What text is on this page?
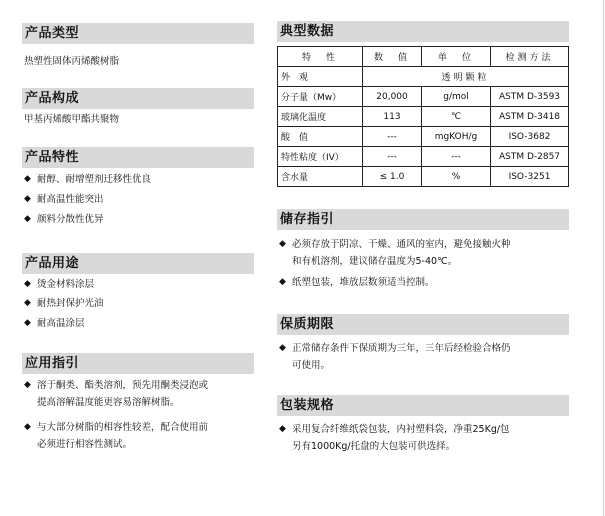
产品类型
热塑性固体丙烯酸树脂
产品构成
甲基丙烯酸甲酯共聚物
产品特性
◆ 耐醇、耐增塑剂迁移性优良
◆ 耐高温性能突出
◆ 颜料分散性优异
产品用途
◆ 烫金材料涂层
◆ 耐热封保护光油
◆ 耐高温涂层
应用指引
◆ 溶于酮类、酯类溶剂，预先用酮类浸泡或
提高溶解温度能更容易溶解树脂。
◆ 与大部分树脂的相容性较差，配合使用前
必须进行相容性测试。
典型数据
特　性	数　值	单　位	检测方法
外　观	透明颗粒		
分子量（Mw）	20,000	g/mol	ASTM D-3593
玻璃化温度	113	℃	ASTM D-3418
酸　值	---	mgKOH/g	ISO-3682
特性粘度（IV）	---	---	ASTM D-2857
含水量	≤ 1.0	%	ISO-3251
储存指引
◆ 必须存放于阴凉、干燥、通风的室内，避免接触火种
和有机溶剂，建议储存温度为5-40℃。
◆ 纸塑包装，堆放层数须适当控制。
保质期限
◆ 正常储存条件下保质期为三年，三年后经检验合格仍
可使用。
包装规格
◆ 采用复合纤维纸袋包装，内衬塑料袋，净重25Kg/包
另有1000Kg/托盘的大包装可供选择。
